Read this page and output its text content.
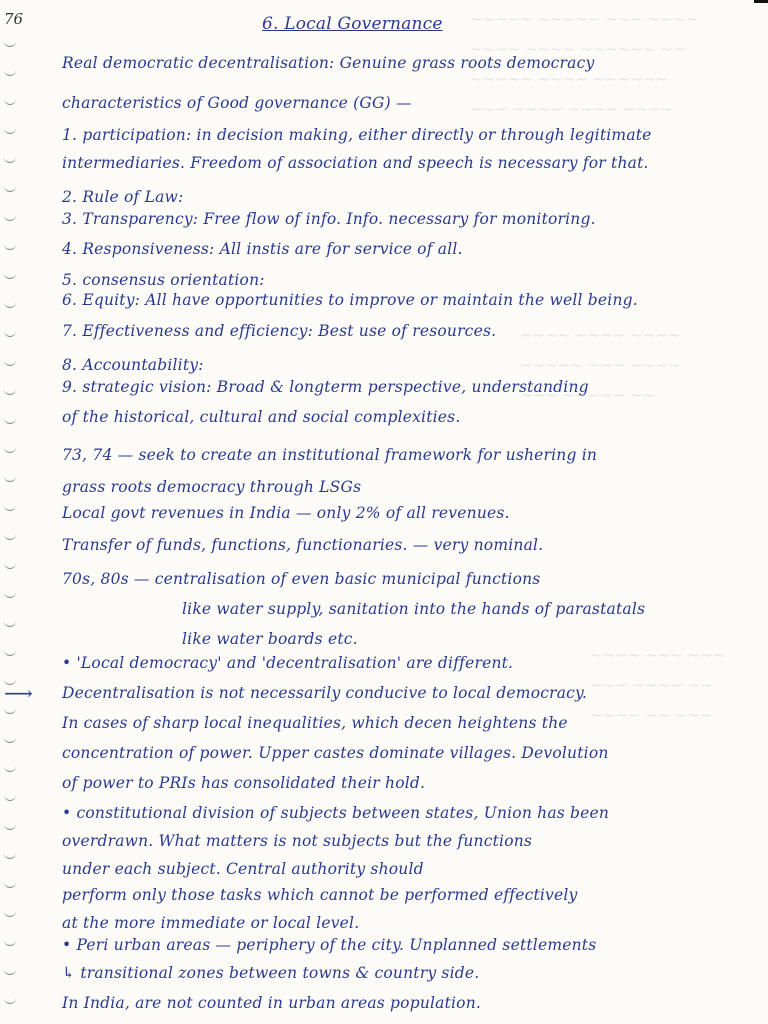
~~~~~ ~~~~~ ~~~ ~~~~
~~~~ ~~~~ ~~~~~~ ~~
~~~~~ ~~~~ ~~~~~~
~~~ ~~~~ ~~~~ ~~~~
~~~~ ~~~~ ~~~~
~~~~~ ~~~ ~~~~
~~~ ~~~~~ ~~
~~~~ ~~~ ~~~
~~~ ~~~~ ~~
~~~~ ~~ ~~~
76
⟶
6. Local Governance
Real democratic decentralisation: Genuine grass roots democracy
characteristics of Good governance (GG) —
1. participation: in decision making, either directly or through legitimate
intermediaries. Freedom of association and speech is necessary for that.
2. Rule of Law:
3. Transparency: Free flow of info. Info. necessary for monitoring.
4. Responsiveness: All instis are for service of all.
5. consensus orientation:
6. Equity: All have opportunities to improve or maintain the well being.
7. Effectiveness and efficiency: Best use of resources.
8. Accountability:
9. strategic vision: Broad & longterm perspective, understanding
of the historical, cultural and social complexities.
73, 74 — seek to create an institutional framework for ushering in
grass roots democracy through LSGs
Local govt revenues in India — only 2% of all revenues.
Transfer of funds, functions, functionaries. — very nominal.
70s, 80s — centralisation of even basic municipal functions
like water supply, sanitation into the hands of parastatals
like water boards etc.
• 'Local democracy' and 'decentralisation' are different.
Decentralisation is not necessarily conducive to local democracy.
In cases of sharp local inequalities, which decen heightens the
concentration of power. Upper castes dominate villages. Devolution
of power to PRIs has consolidated their hold.
• constitutional division of subjects between states, Union has been
overdrawn. What matters is not subjects but the functions
under each subject. Central authority should
perform only those tasks which cannot be performed effectively
at the more immediate or local level.
• Peri urban areas — periphery of the city. Unplanned settlements
↳ transitional zones between towns & country side.
In India, are not counted in urban areas population.
